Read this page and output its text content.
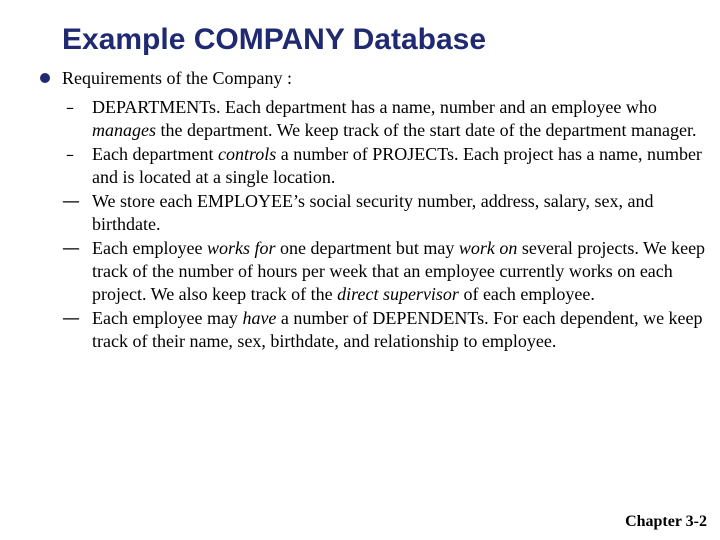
Example COMPANY Database
Requirements of the Company :
–	DEPARTMENTs. Each department has a name, number and an employee who manages the department. We keep track of the start date of the department manager.
–	Each department controls a number of PROJECTs. Each project has a name, number and is located at a single location.
— We store each EMPLOYEE’s social security number, address, salary, sex, and birthdate.
— Each employee works for one department but may work on several projects. We keep track of the number of hours per week that an employee currently works on each project. We also keep track of the direct supervisor of each employee.
— Each employee may have a number of DEPENDENTs. For each dependent, we keep track of their name, sex, birthdate, and relationship to employee.
Chapter 3-2
